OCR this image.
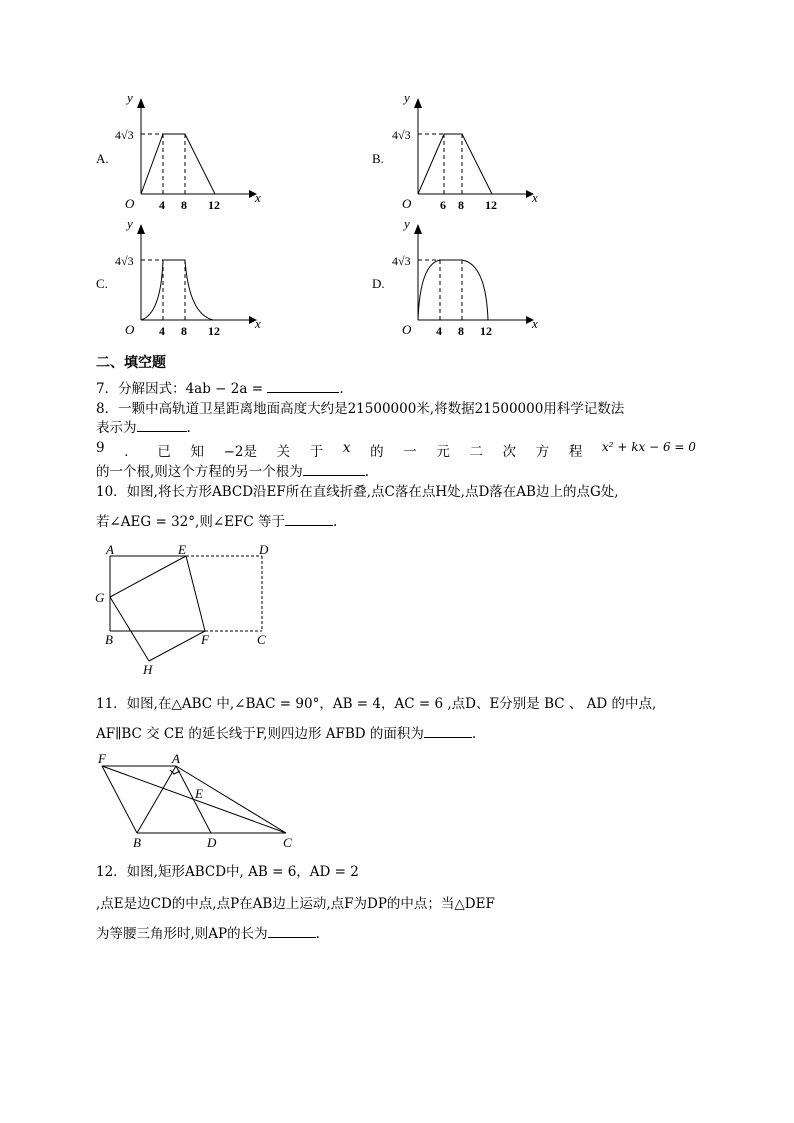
A.
y
x
O 4 8 12
4√3
B.
y
x
O 6 8 12
4√3
C.
y
x
O 4 8 12
4√3
D.
y
x
O 4 8 12
4√3
二、填空题
7．分解因式：4ab − 2a =	.
8．一颗中高轨道卫星距离地面高度大约是21500000米,将数据21500000用科学记数法
表示为	.
9 ． 已 知 −2是 关 于 x 的 一 元 二 次 方 程 x² + kx − 6 = 0
的一个根,则这个方程的另一个根为	.
10．如图,将长方形ABCD沿EF所在直线折叠,点C落在点H处,点D落在AB边上的点G处,
若∠AEG = 32°,则∠EFC 等于	.
A	E	D
G
B	F	C
H
11．如图,在△ABC 中,∠BAC = 90°，AB = 4，AC = 6 ,点D、E分别是 BC 、 AD 的中点,
AF∥BC 交 CE 的延长线于F,则四边形 AFBD 的面积为	.
F	A
E
B	D	C
12．如图,矩形ABCD中, AB = 6，AD = 2
,点E是边CD的中点,点P在AB边上运动,点F为DP的中点；当△DEF
为等腰三角形时,则AP的长为	.
